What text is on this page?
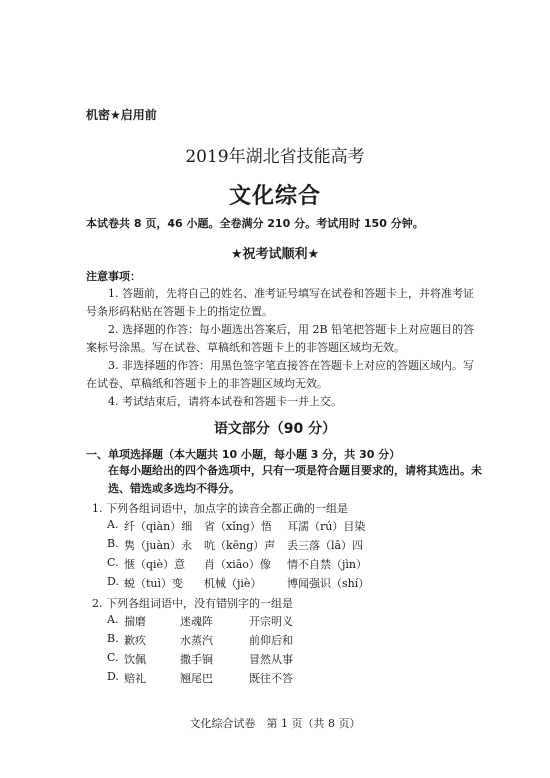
机密★启用前
2019年湖北省技能高考
文化综合
本试卷共 8 页，46 小题。全卷满分 210 分。考试用时 150 分钟。
★祝考试顺利★
注意事项：
1. 答题前，先将自己的姓名、准考证号填写在试卷和答题卡上，并将准考证号条形码粘贴在答题卡上的指定位置。
2. 选择题的作答：每小题选出答案后，用 2B 铅笔把答题卡上对应题目的答案标号涂黑。写在试卷、草稿纸和答题卡上的非答题区域均无效。
3. 非选择题的作答：用黑色签字笔直接答在答题卡上对应的答题区域内。写在试卷、草稿纸和答题卡上的非答题区域均无效。
4. 考试结束后，请将本试卷和答题卡一并上交。
语文部分（90 分）
一、单项选择题（本大题共 10 小题，每小题 3 分，共 30 分）
在每小题给出的四个备选项中，只有一项是符合题目要求的，请将其选出。未选、错选或多选均不得分。
1. 下列各组词语中，加点字的读音全都正确的一组是
A. 纤（qiàn）细 省（xǐng）悟 耳濡（rú）目染
B. 隽（juàn）永 吭（kēng）声 丢三落（lā）四
C. 惬（qiè）意 肖（xiāo）像 情不自禁（jìn）
D. 蜕（tuì）变 机械（jiè） 博闻强识（shí）
2. 下列各组词语中，没有错别字的一组是
A. 揣磨	迷魂阵	开宗明义
B. 歉疚	水蒸汽	前仰后和
C. 饮佩	撒手锏	冒然从事
D. 赔礼	翘尾巴	既往不答
文化综合试卷　第 1 页（共 8 页）
